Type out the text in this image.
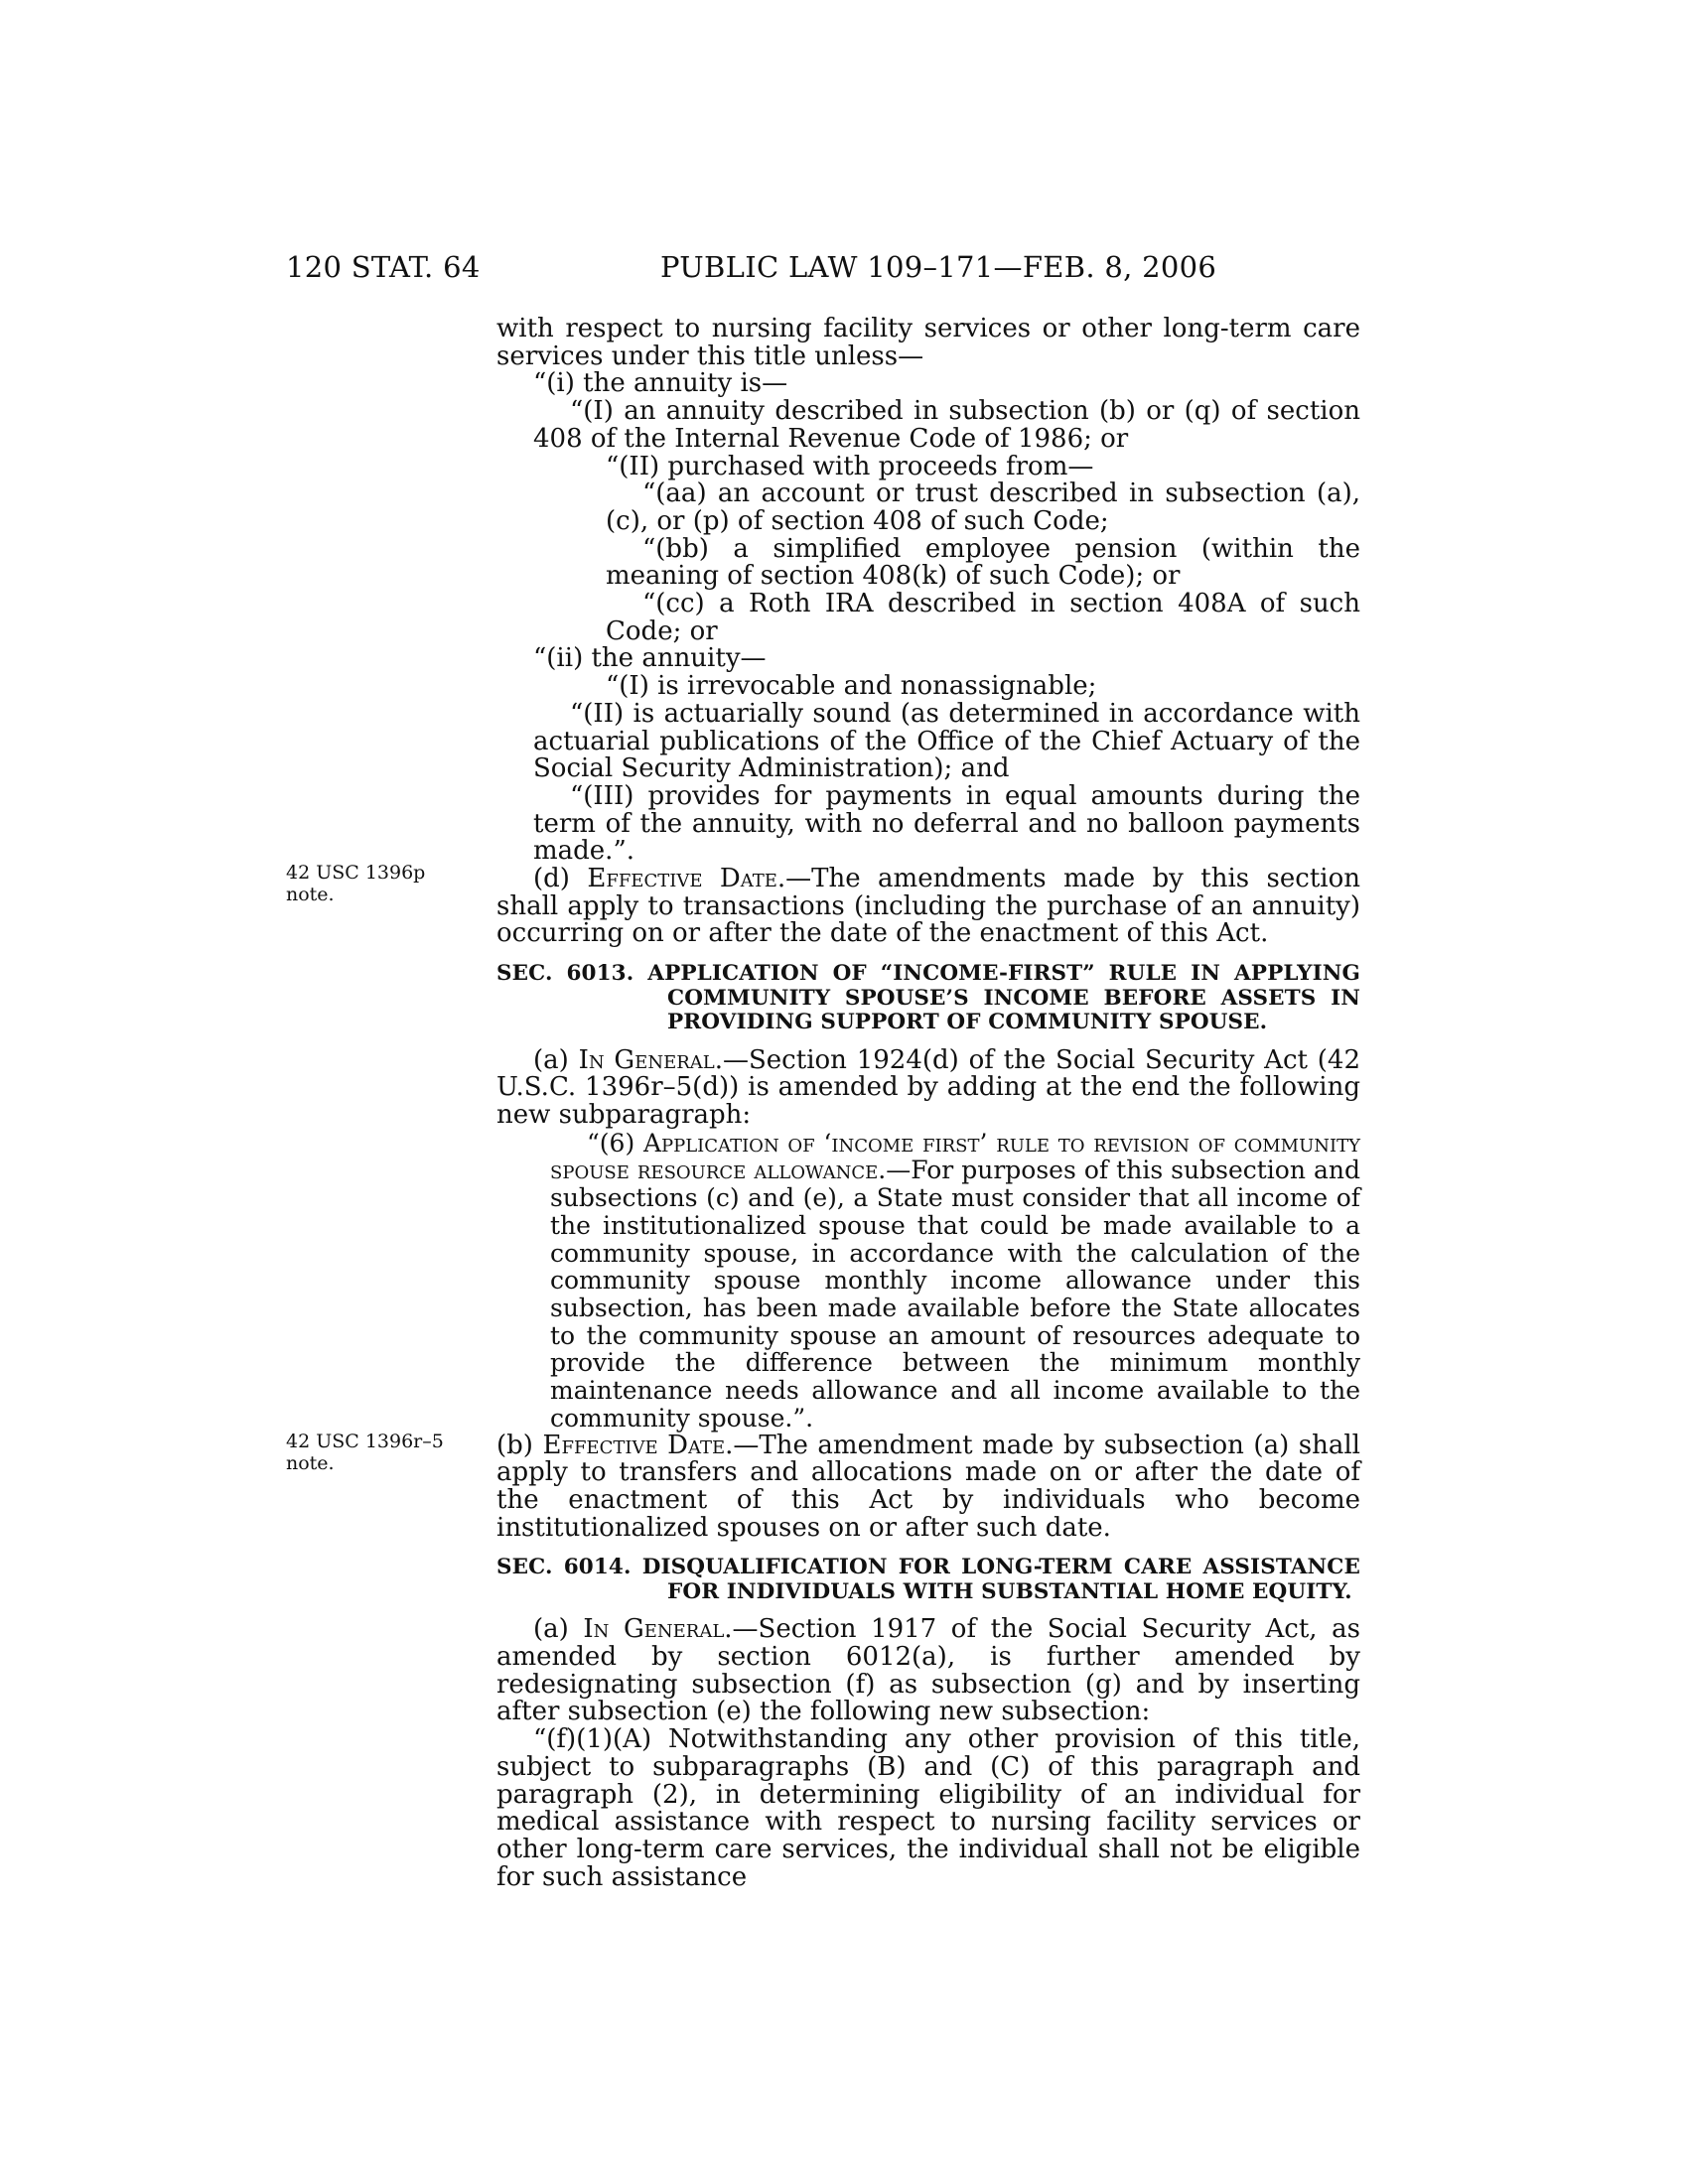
120 STAT. 64	PUBLIC LAW 109–171—FEB. 8, 2006
42 USC 1396p
note.
42 USC 1396r–5
note.

with respect to nursing facility services or other long-term care services under this title unless—

“(i) the annuity is—

“(I) an annuity described in subsection (b) or (q) of section 408 of the Internal Revenue Code of 1986; or

“(II) purchased with proceeds from—

“(aa) an account or trust described in subsection (a), (c), or (p) of section 408 of such Code;

“(bb) a simplified employee pension (within the meaning of section 408(k) of such Code); or

“(cc) a Roth IRA described in section 408A of such Code; or

“(ii) the annuity—

“(I) is irrevocable and nonassignable;

“(II) is actuarially sound (as determined in accordance with actuarial publications of the Office of the Chief Actuary of the Social Security Administration); and

“(III) provides for payments in equal amounts during the term of the annuity, with no deferral and no balloon payments made.”.

(d) Effective Date.—The amendments made by this section shall apply to transactions (including the purchase of an annuity) occurring on or after the date of the enactment of this Act.

SEC. 6013. APPLICATION OF “INCOME-FIRST” RULE IN APPLYING COMMUNITY SPOUSE’S INCOME BEFORE ASSETS IN PROVIDING SUPPORT OF COMMUNITY SPOUSE.

(a) In General.—Section 1924(d) of the Social Security Act (42 U.S.C. 1396r–5(d)) is amended by adding at the end the following new subparagraph:

“(6) Application of ‘income first’ rule to revision of community spouse resource allowance.—For purposes of this subsection and subsections (c) and (e), a State must consider that all income of the institutionalized spouse that could be made available to a community spouse, in accordance with the calculation of the community spouse monthly income allowance under this subsection, has been made available before the State allocates to the community spouse an amount of resources adequate to provide the difference between the minimum monthly maintenance needs allowance and all income available to the community spouse.”.

(b) Effective Date.—The amendment made by subsection (a) shall apply to transfers and allocations made on or after the date of the enactment of this Act by individuals who become institutionalized spouses on or after such date.

SEC. 6014. DISQUALIFICATION FOR LONG-TERM CARE ASSISTANCE FOR INDIVIDUALS WITH SUBSTANTIAL HOME EQUITY.

(a) In General.—Section 1917 of the Social Security Act, as amended by section 6012(a), is further amended by redesignating subsection (f) as subsection (g) and by inserting after subsection (e) the following new subsection:

“(f)(1)(A) Notwithstanding any other provision of this title, subject to subparagraphs (B) and (C) of this paragraph and paragraph (2), in determining eligibility of an individual for medical assistance with respect to nursing facility services or other long-term care services, the individual shall not be eligible for such assistance
